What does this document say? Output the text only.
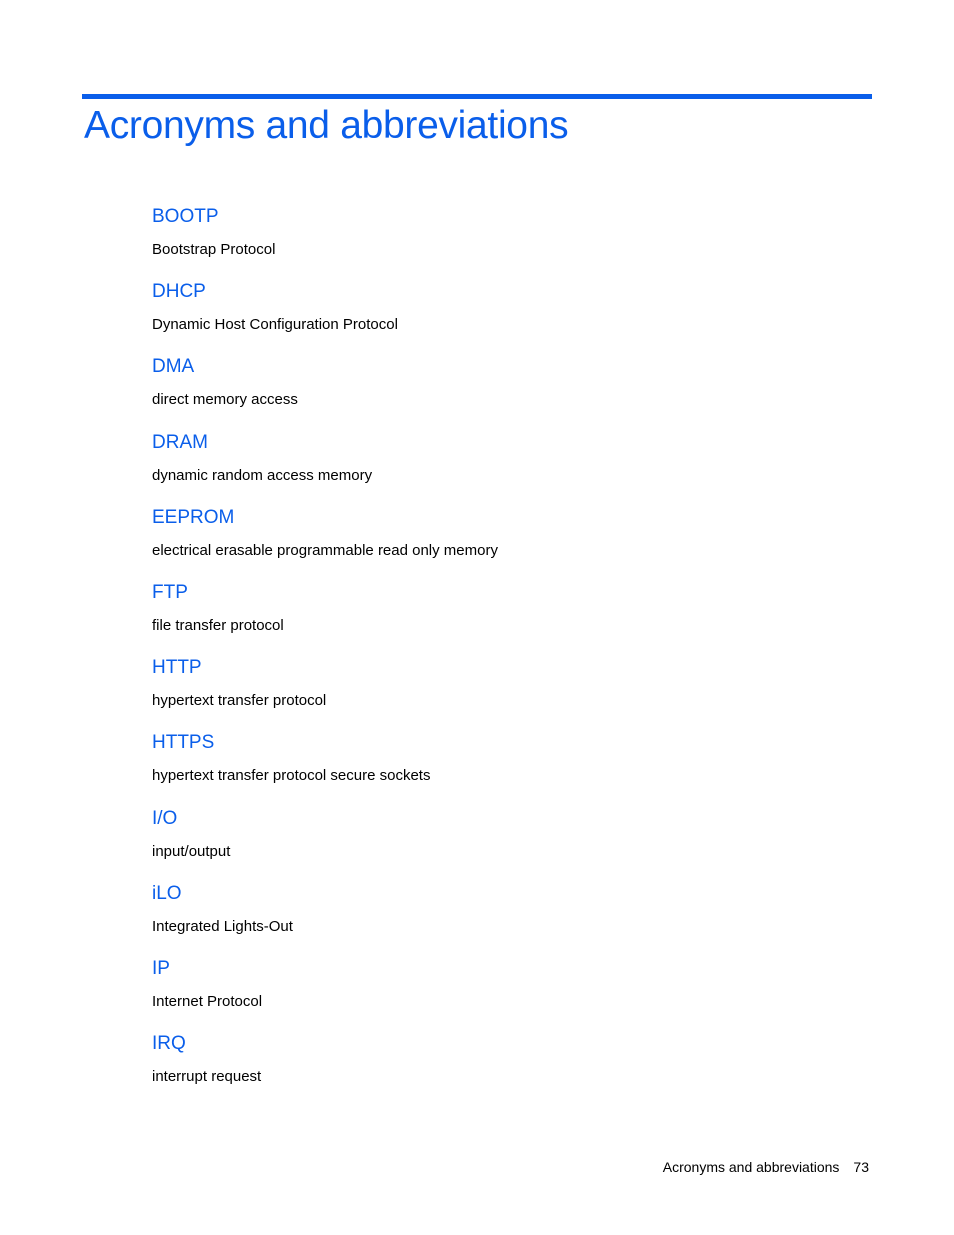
Acronyms and abbreviations
BOOTP
Bootstrap Protocol
DHCP
Dynamic Host Configuration Protocol
DMA
direct memory access
DRAM
dynamic random access memory
EEPROM
electrical erasable programmable read only memory
FTP
file transfer protocol
HTTP
hypertext transfer protocol
HTTPS
hypertext transfer protocol secure sockets
I/O
input/output
iLO
Integrated Lights-Out
IP
Internet Protocol
IRQ
interrupt request
Acronyms and abbreviations 73
